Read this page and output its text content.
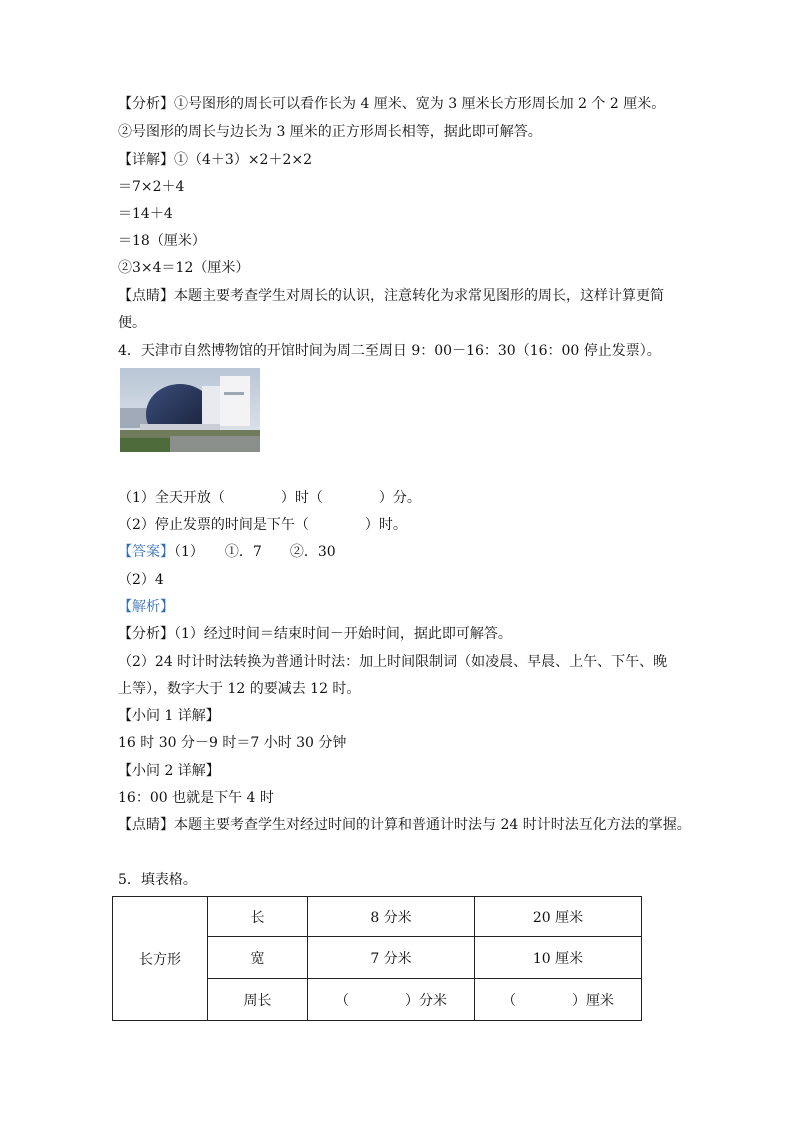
【分析】①号图形的周长可以看作长为 4 厘米、宽为 3 厘米长方形周长加 2 个 2 厘米。
②号图形的周长与边长为 3 厘米的正方形周长相等，据此即可解答。
【详解】①（4＋3）×2＋2×2
＝7×2＋4
＝14＋4
＝18（厘米）
②3×4＝12（厘米）
【点睛】本题主要考查学生对周长的认识，注意转化为求常见图形的周长，这样计算更简
便。
4．天津市自然博物馆的开馆时间为周二至周日 9：00－16：30（16：00 停止发票）。
（1）全天开放（　　　　）时（　　　　）分。
（2）停止发票的时间是下午（　　　　）时。
【答案】（1）　　①．7　　②．30
（2）4
【解析】
【分析】（1）经过时间＝结束时间－开始时间，据此即可解答。
（2）24 时计时法转换为普通计时法：加上时间限制词（如凌晨、早晨、上午、下午、晚
上等），数字大于 12 的要减去 12 时。
【小问 1 详解】
16 时 30 分－9 时＝7 小时 30 分钟
【小问 2 详解】
16：00 也就是下午 4 时
【点睛】本题主要考查学生对经过时间的计算和普通计时法与 24 时计时法互化方法的掌握。
5．填表格。
长方形	长	8 分米	20 厘米
	宽	7 分米	10 厘米
	周长	（　　　　）分米	（　　　　）厘米
